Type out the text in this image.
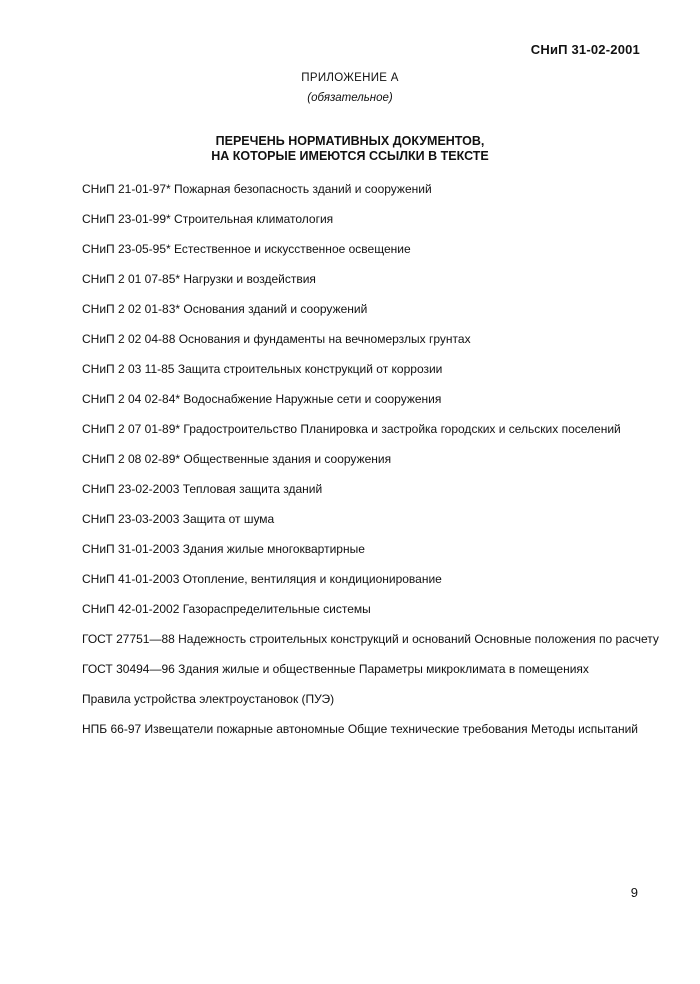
СНиП 31-02-2001
ПРИЛОЖЕНИЕ А
(обязательное)
ПЕРЕЧЕНЬ НОРМАТИВНЫХ ДОКУМЕНТОВ,
НА КОТОРЫЕ ИМЕЮТСЯ ССЫЛКИ В ТЕКСТЕ
СНиП 21-01-97* Пожарная безопасность зданий и сооружений
СНиП 23-01-99* Строительная климатология
СНиП 23-05-95* Естественное и искусственное освещение
СНиП 2 01 07-85* Нагрузки и воздействия
СНиП 2 02 01-83* Основания зданий и сооружений
СНиП 2 02 04-88 Основания и фундаменты на вечномерзлых грунтах
СНиП 2 03 11-85 Защита строительных конструкций от коррозии
СНиП 2 04 02-84* Водоснабжение Наружные сети и сооружения
СНиП 2 07 01-89* Градостроительство Планировка и застройка городских и сельских поселений
СНиП 2 08 02-89* Общественные здания и сооружения
СНиП 23-02-2003 Тепловая защита зданий
СНиП 23-03-2003 Защита от шума
СНиП 31-01-2003 Здания жилые многоквартирные
СНиП 41-01-2003 Отопление, вентиляция и кондиционирование
СНиП 42-01-2002 Газораспределительные системы
ГОСТ 27751—88 Надежность строительных конструкций и оснований Основные положения по расчету
ГОСТ 30494—96 Здания жилые и общественные Параметры микроклимата в помещениях
Правила устройства электроустановок (ПУЭ)
НПБ 66-97 Извещатели пожарные автономные Общие технические требования Методы испытаний
9
